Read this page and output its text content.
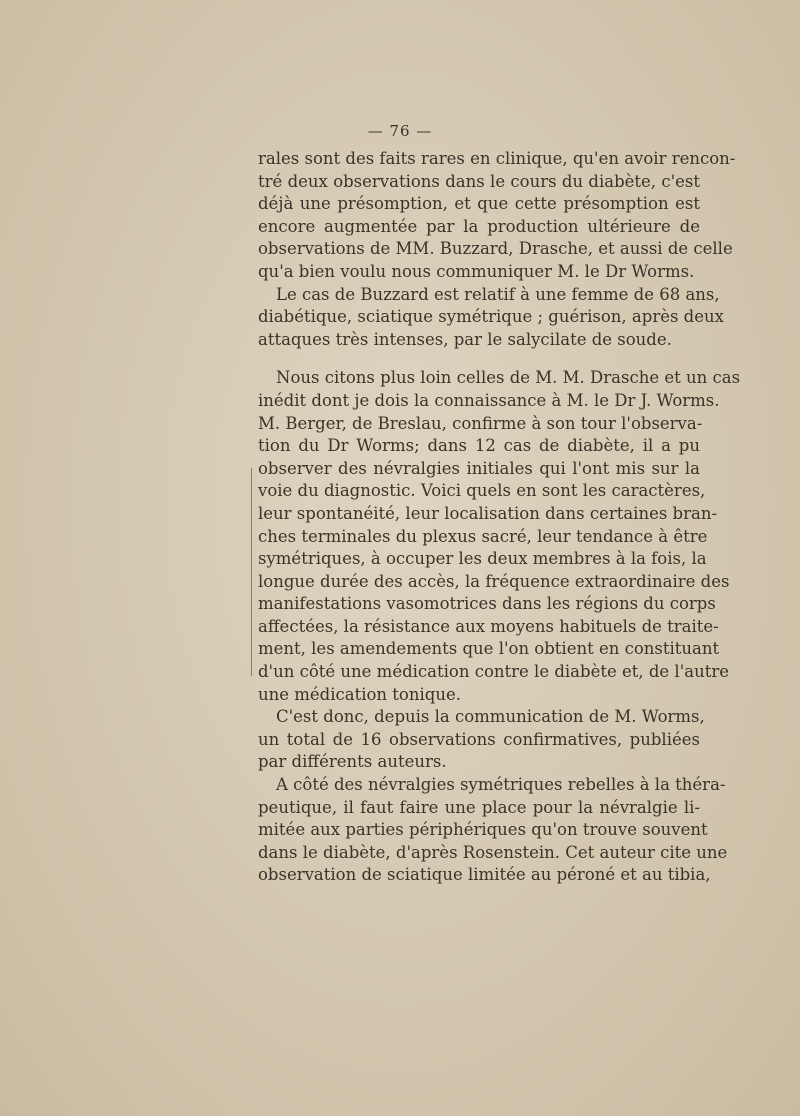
— 76 —
rales sont des faits rares en clinique, qu'en avoir rencon-
tré deux observations dans le cours du diabète, c'est
déjà une présomption, et que cette présomption est
encore augmentée par la production ultérieure de
observations de MM. Buzzard, Drasche, et aussi de celle
qu'a bien voulu nous communiquer M. le Dr Worms.
Le cas de Buzzard est relatif à une femme de 68 ans,
diabétique, sciatique symétrique ; guérison, après deux
attaques très intenses, par le salycilate de soude.
Nous citons plus loin celles de M. M. Drasche et un cas
inédit dont je dois la connaissance à M. le Dr J. Worms.
M. Berger, de Breslau, confirme à son tour l'observa-
tion du Dr Worms; dans 12 cas de diabète, il a pu
observer des névralgies initiales qui l'ont mis sur la
voie du diagnostic. Voici quels en sont les caractères,
leur spontanéité, leur localisation dans certaines bran-
ches terminales du plexus sacré, leur tendance à être
symétriques, à occuper les deux membres à la fois, la
longue durée des accès, la fréquence extraordinaire des
manifestations vasomotrices dans les régions du corps
affectées, la résistance aux moyens habituels de traite-
ment, les amendements que l'on obtient en constituant
d'un côté une médication contre le diabète et, de l'autre
une médication tonique.
C'est donc, depuis la communication de M. Worms,
un total de 16 observations confirmatives, publiées
par différents auteurs.
A côté des névralgies symétriques rebelles à la théra-
peutique, il faut faire une place pour la névralgie li-
mitée aux parties périphériques qu'on trouve souvent
dans le diabète, d'après Rosenstein. Cet auteur cite une
observation de sciatique limitée au péroné et au tibia,
